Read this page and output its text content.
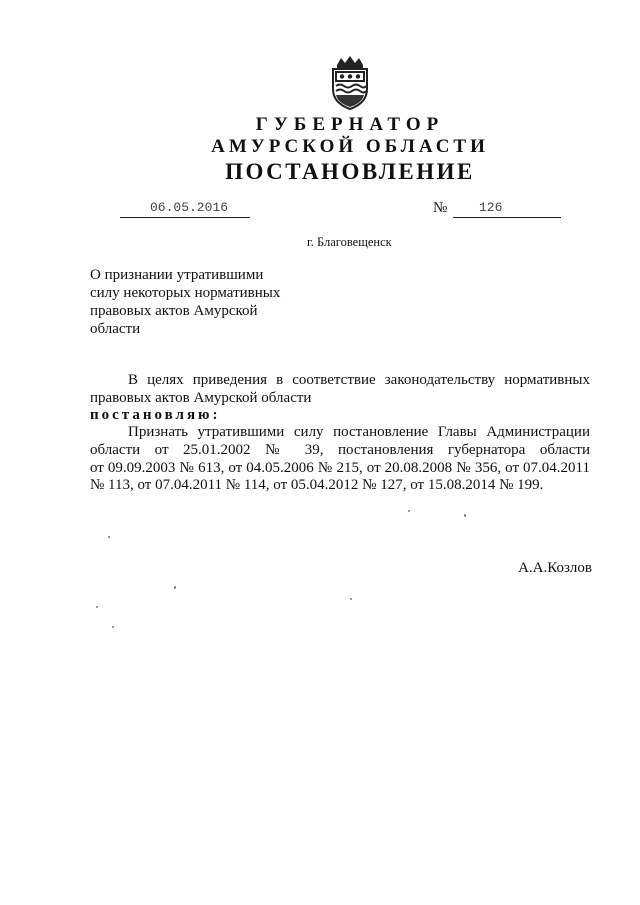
ГУБЕРНАТОР
АМУРСКОЙ ОБЛАСТИ
ПОСТАНОВЛЕНИЕ
06.05.2016	№	126
г. Благовещенск
О признании утратившими
силу некоторых нормативных
правовых актов Амурской
области
В целях приведения в соответствие законодательству нормативных
правовых актов Амурской области
постановляю:
Признать утратившими силу постановление Главы Администрации
области от 25.01.2002 № 39, постановления губернатора области
от 09.09.2003 № 613, от 04.05.2006 № 215, от 20.08.2008 № 356, от 07.04.2011
№ 113, от 07.04.2011 № 114, от 05.04.2012 № 127, от 15.08.2014 № 199.
А.А.Козлов
